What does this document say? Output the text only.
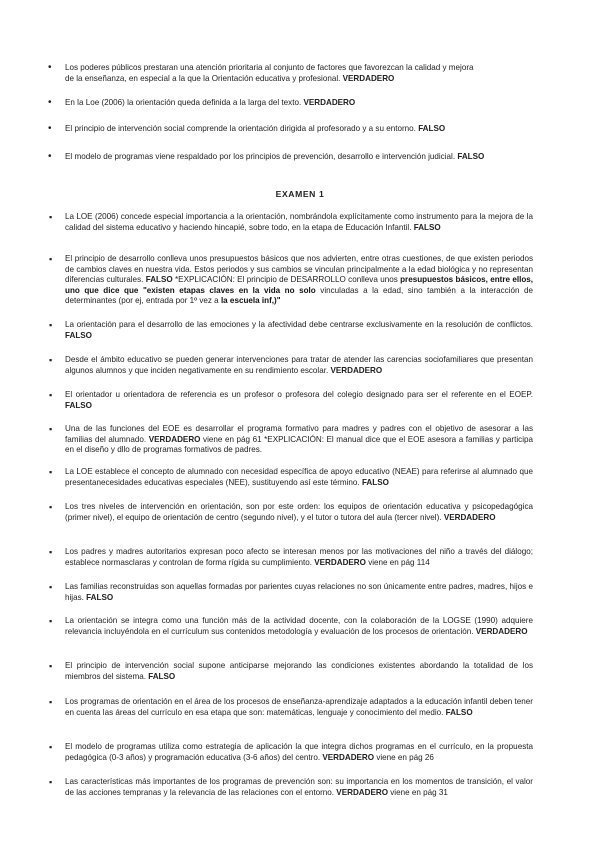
• Los poderes públicos prestaran una atención prioritaria al conjunto de factores que favorezcan la calidad y mejora
de la enseñanza, en especial a la que la Orientación educativa y profesional. VERDADERO
• En la Loe (2006) la orientación queda definida a la larga del texto. VERDADERO
• El principio de intervención social comprende la orientación dirigida al profesorado y a su entorno. FALSO
• El modelo de programas viene respaldado por los principios de prevención, desarrollo e intervención judicial. FALSO
EXAMEN 1
▪ La LOE (2006) concede especial importancia a la orientación, nombrándola explícitamente como instrumento para la mejora de la calidad del sistema educativo y haciendo hincapié, sobre todo, en la etapa de Educación Infantil. FALSO
▪ El principio de desarrollo conlleva unos presupuestos básicos que nos advierten, entre otras cuestiones, de que existen periodos de cambios claves en nuestra vida. Estos periodos y sus cambios se vinculan principalmente a la edad biológica y no representan diferencias culturales. FALSO *EXPLICACIÓN: El principio de DESARROLLO conlleva unos presupuestos básicos, entre ellos, uno que dice que "existen etapas claves en la vida no solo vinculadas a la edad, sino también a la interacción de determinantes (por ej, entrada por 1º vez a la escuela inf,)"
▪ La orientación para el desarrollo de las emociones y la afectividad debe centrarse exclusivamente en la resolución de conflictos. FALSO
▪ Desde el ámbito educativo se pueden generar intervenciones para tratar de atender las carencias sociofamiliares que presentan algunos alumnos y que inciden negativamente en su rendimiento escolar. VERDADERO
▪ El orientador u orientadora de referencia es un profesor o profesora del colegio designado para ser el referente en el EOEP. FALSO
▪ Una de las funciones del EOE es desarrollar el programa formativo para madres y padres con el objetivo de asesorar a las familias del alumnado. VERDADERO viene en pág 61 *EXPLICACIÓN: El manual dice que el EOE asesora a familias y participa en el diseño y dllo de programas formativos de padres.
▪ La LOE establece el concepto de alumnado con necesidad específica de apoyo educativo (NEAE) para referirse al alumnado que presentanecesidades educativas especiales (NEE), sustituyendo así este término. FALSO
▪ Los tres niveles de intervención en orientación, son por este orden: los equipos de orientación educativa y psicopedagógica (primer nivel), el equipo de orientación de centro (segundo nivel), y el tutor o tutora del aula (tercer nivel). VERDADERO
▪ Los padres y madres autoritarios expresan poco afecto se interesan menos por las motivaciones del niño a través del diálogo; establece normasclaras y controlan de forma rígida su cumplimiento. VERDADERO viene en pág 114
▪ Las familias reconstruidas son aquellas formadas por parientes cuyas relaciones no son únicamente entre padres, madres, hijos e hijas. FALSO
▪ La orientación se integra como una función más de la actividad docente, con la colaboración de la LOGSE (1990) adquiere relevancia incluyéndola en el currículum sus contenidos metodología y evaluación de los procesos de orientación. VERDADERO
▪ El principio de intervención social supone anticiparse mejorando las condiciones existentes abordando la totalidad de los miembros del sistema. FALSO
▪ Los programas de orientación en el área de los procesos de enseñanza-aprendizaje adaptados a la educación infantil deben tener en cuenta las áreas del currículo en esa etapa que son: matemáticas, lenguaje y conocimiento del medio. FALSO
▪ El modelo de programas utiliza como estrategia de aplicación la que integra dichos programas en el currículo, en la propuesta pedagógica (0-3 años) y programación educativa (3-6 años) del centro. VERDADERO viene en pág 26
▪ Las características más importantes de los programas de prevención son: su importancia en los momentos de transición, el valor de las acciones tempranas y la relevancia de las relaciones con el entorno. VERDADERO viene en pág 31
